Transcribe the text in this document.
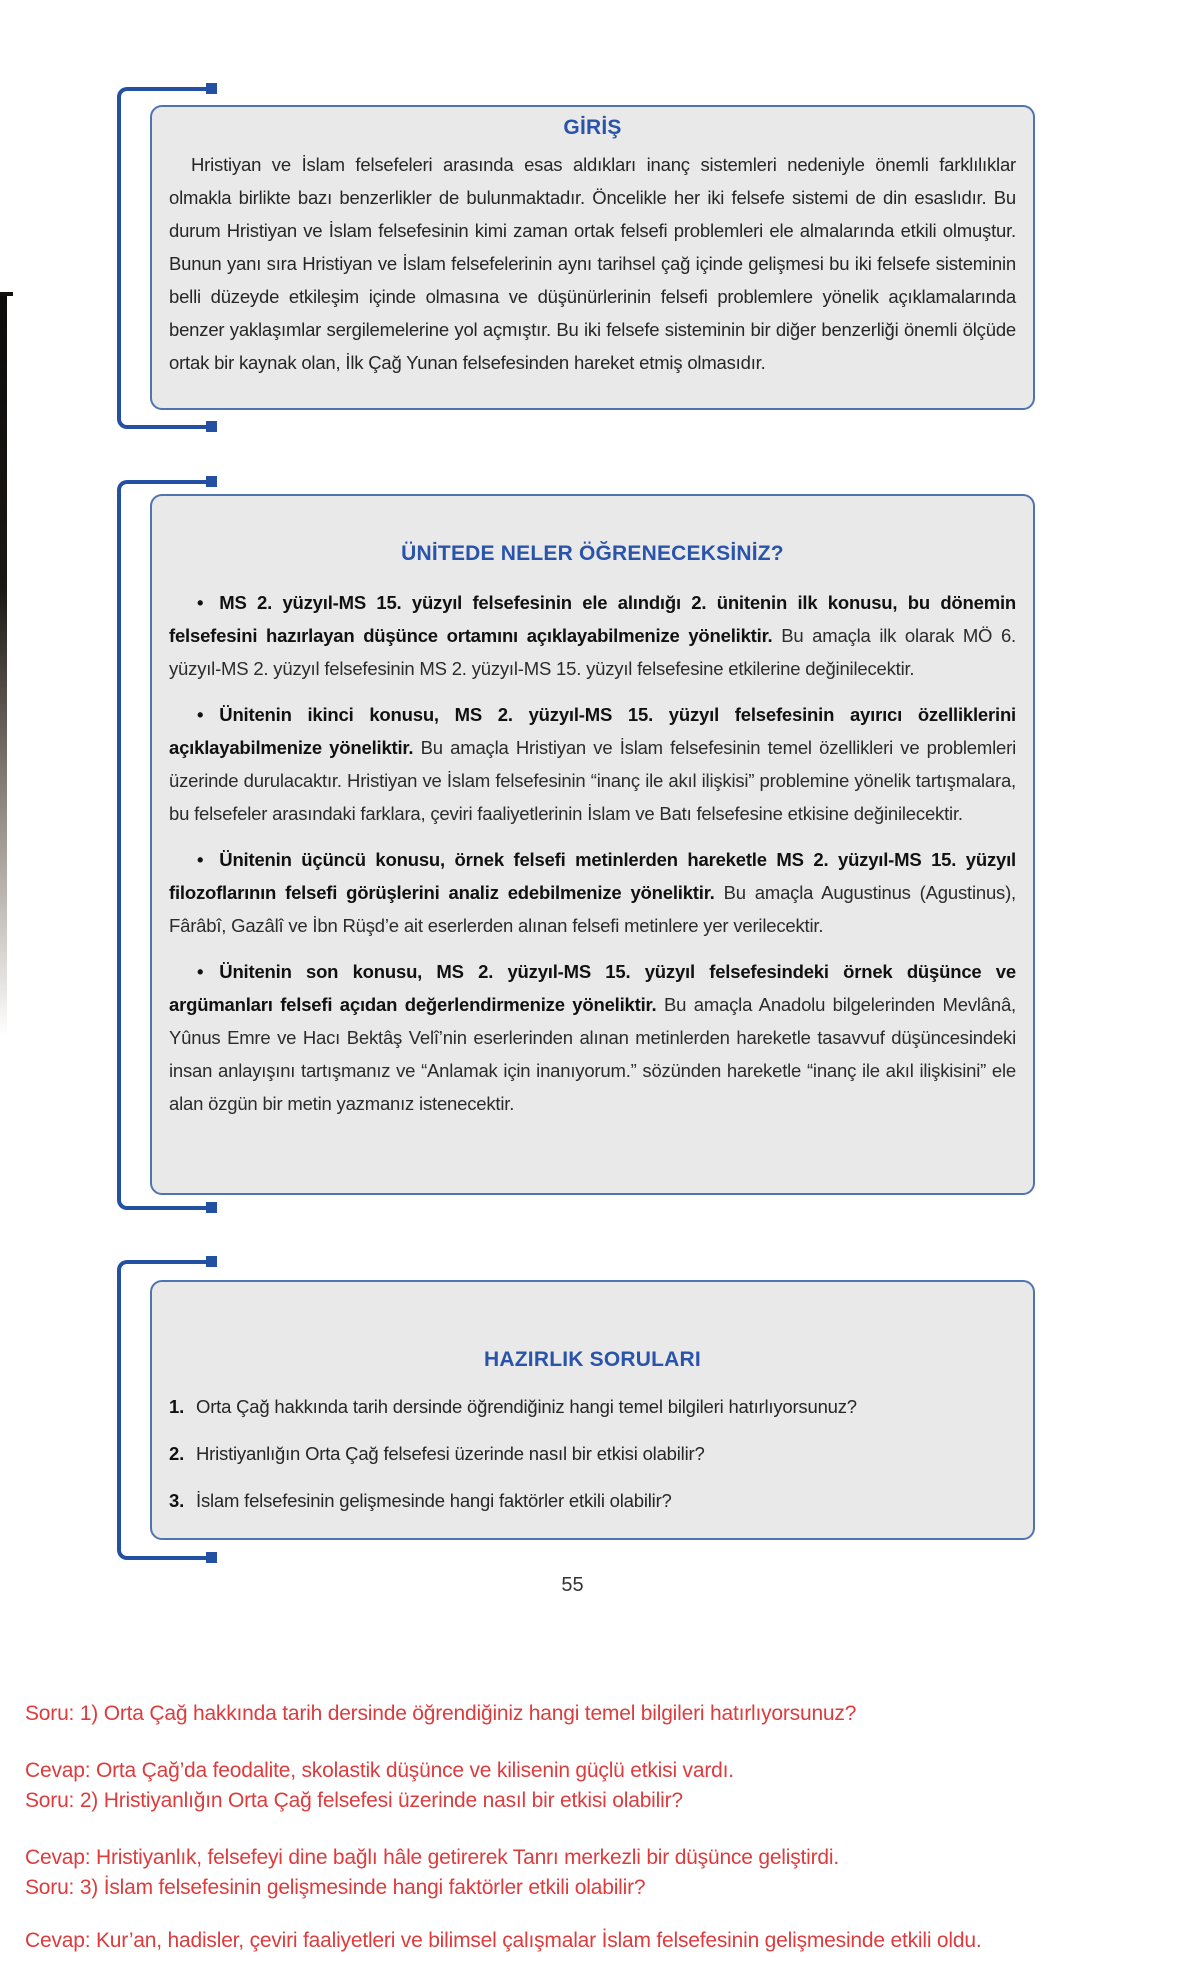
GİRİŞ

Hristiyan ve İslam felsefeleri arasında esas aldıkları inanç sistemleri nedeniyle önemli farklılıklar olmakla birlikte bazı benzerlikler de bulunmaktadır. Öncelikle her iki felsefe sistemi de din esaslıdır. Bu durum Hristiyan ve İslam felsefesinin kimi zaman ortak felsefi problemleri ele almalarında etkili olmuştur. Bunun yanı sıra Hristiyan ve İslam felsefelerinin aynı tarihsel çağ içinde gelişmesi bu iki felsefe sisteminin belli düzeyde etkileşim içinde olmasına ve düşünürlerinin felsefi problemlere yönelik açıklamalarında benzer yaklaşımlar sergilemelerine yol açmıştır. Bu iki felsefe sisteminin bir diğer benzerliği önemli ölçüde ortak bir kaynak olan, İlk Çağ Yunan felsefesinden hareket etmiş olmasıdır.

ÜNİTEDE NELER ÖĞRENECEKSİNİZ?

• MS 2. yüzyıl-MS 15. yüzyıl felsefesinin ele alındığı 2. ünitenin ilk konusu, bu dönemin felsefesini hazırlayan düşünce ortamını açıklayabilmenize yöneliktir. Bu amaçla ilk olarak MÖ 6. yüzyıl-MS 2. yüzyıl felsefesinin MS 2. yüzyıl-MS 15. yüzyıl felsefesine etkilerine değinilecektir.

• Ünitenin ikinci konusu, MS 2. yüzyıl-MS 15. yüzyıl felsefesinin ayırıcı özelliklerini açıklayabilmenize yöneliktir. Bu amaçla Hristiyan ve İslam felsefesinin temel özellikleri ve problemleri üzerinde durulacaktır. Hristiyan ve İslam felsefesinin “inanç ile akıl ilişkisi” problemine yönelik tartışmalara, bu felsefeler arasındaki farklara, çeviri faaliyetlerinin İslam ve Batı felsefesine etkisine değinilecektir.

• Ünitenin üçüncü konusu, örnek felsefi metinlerden hareketle MS 2. yüzyıl-MS 15. yüzyıl filozoflarının felsefi görüşlerini analiz edebilmenize yöneliktir. Bu amaçla Augustinus (Agustinus), Fârâbî, Gazâlî ve İbn Rüşd’e ait eserlerden alınan felsefi metinlere yer verilecektir.

• Ünitenin son konusu, MS 2. yüzyıl-MS 15. yüzyıl felsefesindeki örnek düşünce ve argümanları felsefi açıdan değerlendirmenize yöneliktir. Bu amaçla Anadolu bilgelerinden Mevlânâ, Yûnus Emre ve Hacı Bektâş Velî’nin eserlerinden alınan metinlerden hareketle tasavvuf düşüncesindeki insan anlayışını tartışmanız ve “Anlamak için inanıyorum.” sözünden hareketle “inanç ile akıl ilişkisini” ele alan özgün bir metin yazmanız istenecektir.

HAZIRLIK SORULARI
1. Orta Çağ hakkında tarih dersinde öğrendiğiniz hangi temel bilgileri hatırlıyorsunuz?
2. Hristiyanlığın Orta Çağ felsefesi üzerinde nasıl bir etkisi olabilir?
3. İslam felsefesinin gelişmesinde hangi faktörler etkili olabilir?
55

Soru: 1) Orta Çağ hakkında tarih dersinde öğrendiğiniz hangi temel bilgileri hatırlıyorsunuz?

Cevap: Orta Çağ’da feodalite, skolastik düşünce ve kilisenin güçlü etkisi vardı.

Soru: 2) Hristiyanlığın Orta Çağ felsefesi üzerinde nasıl bir etkisi olabilir?

Cevap: Hristiyanlık, felsefeyi dine bağlı hâle getirerek Tanrı merkezli bir düşünce geliştirdi.

Soru: 3) İslam felsefesinin gelişmesinde hangi faktörler etkili olabilir?

Cevap: Kur’an, hadisler, çeviri faaliyetleri ve bilimsel çalışmalar İslam felsefesinin gelişmesinde etkili oldu.
